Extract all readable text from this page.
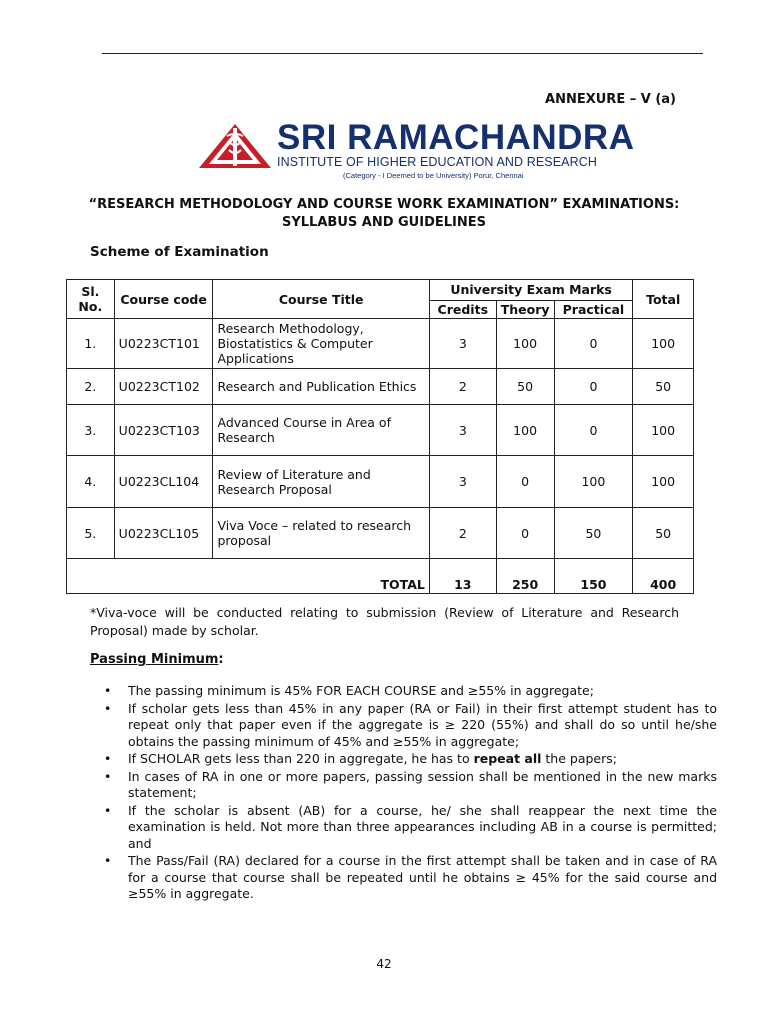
ANNEXURE – V (a)
SRI RAMACHANDRA
INSTITUTE OF HIGHER EDUCATION AND RESEARCH
(Category - I Deemed to be University) Porur, Chennai
“RESEARCH METHODOLOGY AND COURSE WORK EXAMINATION” EXAMINATIONS:
SYLLABUS AND GUIDELINES
Scheme of Examination
Sl. No.	Course code	Course Title	University Exam Marks			Total
			Credits	Theory	Practical	
1.	U0223CT101	Research Methodology, Biostatistics & Computer Applications	3	100	0	100
2.	U0223CT102	Research and Publication Ethics	2	50	0	50
3.	U0223CT103	Advanced Course in Area of Research	3	100	0	100
4.	U0223CL104	Review of Literature and Research Proposal	3	0	100	100
5.	U0223CL105	Viva Voce – related to research proposal	2	0	50	50
TOTAL			13	250	150	400
*Viva-voce will be conducted relating to submission (Review of Literature and Research Proposal) made by scholar.
Passing Minimum:
• The passing minimum is 45% FOR EACH COURSE and ≥55% in aggregate;
• If scholar gets less than 45% in any paper (RA or Fail) in their first attempt student has to repeat only that paper even if the aggregate is ≥ 220 (55%) and shall do so until he/she obtains the passing minimum of 45% and ≥55% in aggregate;
• If SCHOLAR gets less than 220 in aggregate, he has to repeat all the papers;
• In cases of RA in one or more papers, passing session shall be mentioned in the new marks statement;
• If the scholar is absent (AB) for a course, he/ she shall reappear the next time the examination is held. Not more than three appearances including AB in a course is permitted; and
• The Pass/Fail (RA) declared for a course in the first attempt shall be taken and in case of RA for a course that course shall be repeated until he obtains ≥ 45% for the said course and ≥55% in aggregate.
42
